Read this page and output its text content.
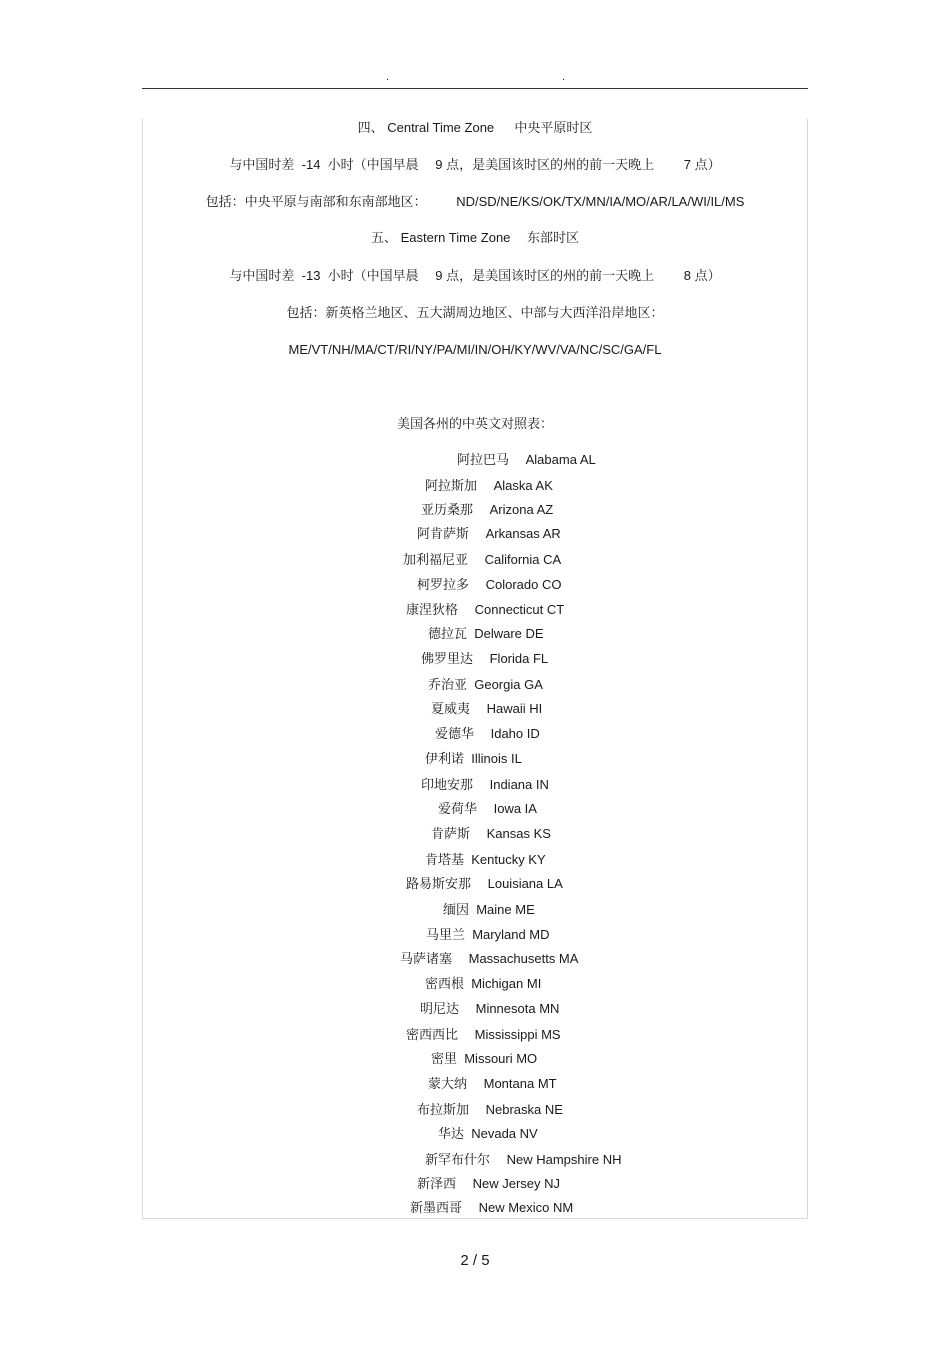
.	.
四、 Central Time Zone 　 中央平原时区
与中国时差  -14  小时（中国早晨 　9 点，是美国该时区的州的前一天晚上 　　7 点）
包括：中央平原与南部和东南部地区： 　　ND/SD/NE/KS/OK/TX/MN/IA/MO/AR/LA/WI/IL/MS
五、 Eastern Time Zone 　东部时区
与中国时差  -13  小时（中国早晨 　9 点，是美国该时区的州的前一天晚上 　　8 点）
包括：新英格兰地区、五大湖周边地区、中部与大西洋沿岸地区：
ME/VT/NH/MA/CT/RI/NY/PA/MI/IN/OH/KY/WV/VA/NC/SC/GA/FL
美国各州的中英文对照表：
阿拉巴马 　Alabama AL
阿拉斯加 　Alaska AK
亚历桑那 　Arizona AZ
阿肯萨斯 　Arkansas AR
加利福尼亚 　California CA
柯罗拉多 　Colorado CO
康涅狄格 　Connecticut CT
德拉瓦  Delware DE
佛罗里达 　Florida FL
乔治亚  Georgia GA
夏威夷 　Hawaii HI
爱德华 　Idaho ID
伊利诺  Illinois IL
印地安那 　Indiana IN
爱荷华 　Iowa IA
肯萨斯 　Kansas KS
肯塔基  Kentucky KY
路易斯安那 　Louisiana LA
缅因  Maine ME
马里兰  Maryland MD
马萨诸塞 　Massachusetts MA
密西根  Michigan MI
明尼达 　Minnesota MN
密西西比 　Mississippi MS
密里  Missouri MO
蒙大纳 　Montana MT
布拉斯加 　Nebraska NE
华达  Nevada NV
新罕布什尔 　New Hampshire NH
新泽西 　New Jersey NJ
新墨西哥 　New Mexico NM
2 / 5
